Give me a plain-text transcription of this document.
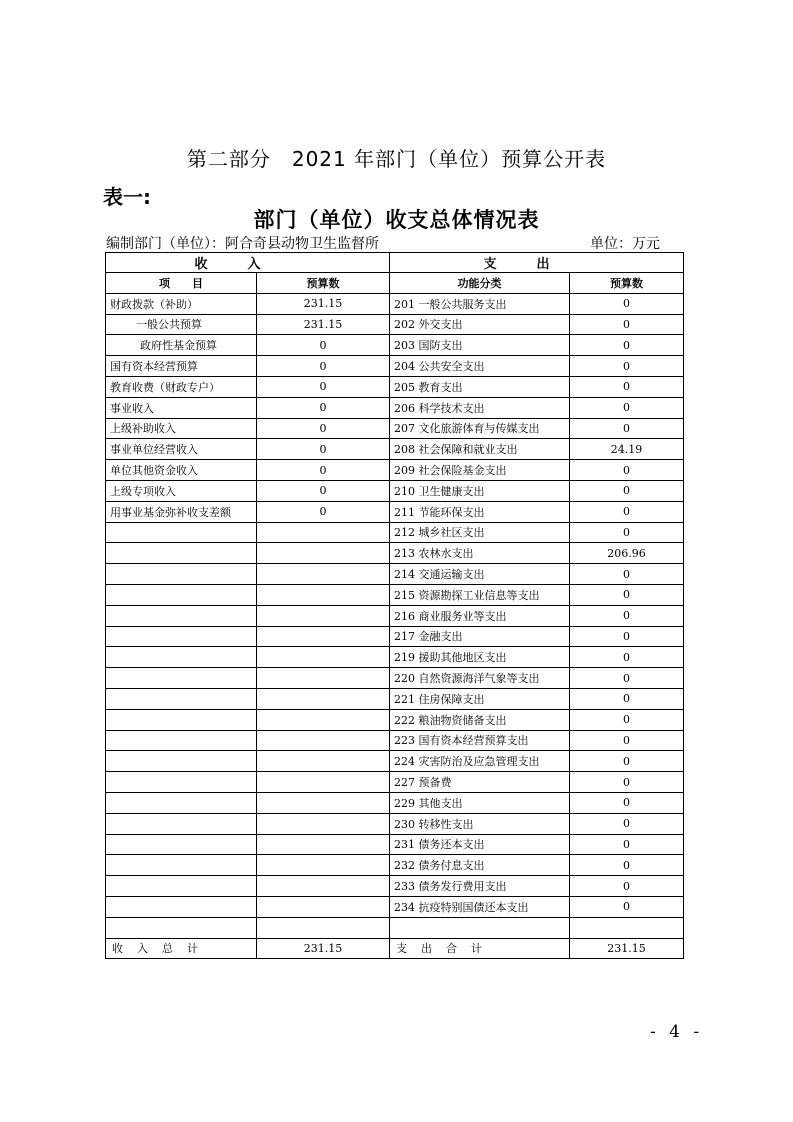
第二部分　2021 年部门（单位）预算公开表
表一:
部门（单位）收支总体情况表
编制部门（单位）：阿合奇县动物卫生监督所	单位：万元
收入		支出	
项　　目	预算数	功能分类	预算数
财政拨款（补助）	231.15	201 一般公共服务支出	0
一般公共预算	231.15	202 外交支出	0
政府性基金预算	0	203 国防支出	0
国有资本经营预算	0	204 公共安全支出	0
教育收费（财政专户）	0	205 教育支出	0
事业收入	0	206 科学技术支出	0
上级补助收入	0	207 文化旅游体育与传媒支出	0
事业单位经营收入	0	208 社会保障和就业支出	24.19
单位其他资金收入	0	209 社会保险基金支出	0
上级专项收入	0	210 卫生健康支出	0
用事业基金弥补收支差额	0	211 节能环保支出	0
		212 城乡社区支出	0
		213 农林水支出	206.96
		214 交通运输支出	0
		215 资源勘探工业信息等支出	0
		216 商业服务业等支出	0
		217 金融支出	0
		219 援助其他地区支出	0
		220 自然资源海洋气象等支出	0
		221 住房保障支出	0
		222 粮油物资储备支出	0
		223 国有资本经营预算支出	0
		224 灾害防治及应急管理支出	0
		227 预备费	0
		229 其他支出	0
		230 转移性支出	0
		231 债务还本支出	0
		232 债务付息支出	0
		233 债务发行费用支出	0
		234 抗疫特别国债还本支出	0

收入总计	231.15	支出合计	231.15
- 4 -
